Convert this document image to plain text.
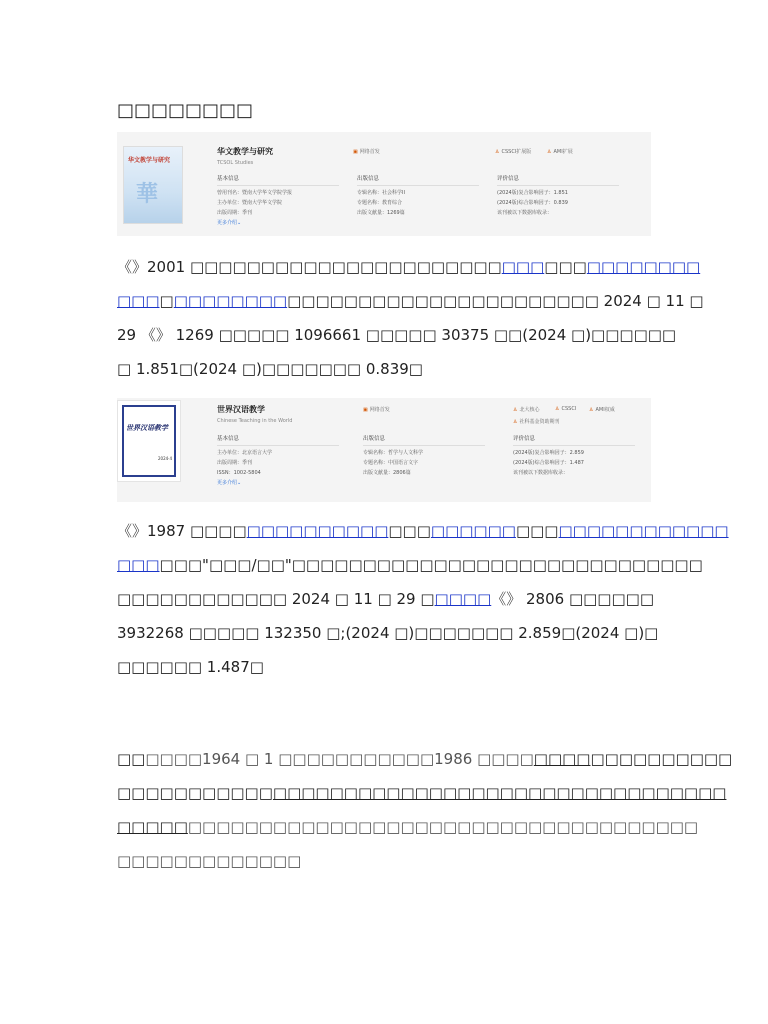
□□□□□□□□
华文教学与研究
華
华文教学与研究
TCSOL Studies
▣ 网络首发	♙ CSSCI扩展版	♙ AMI扩展
基本信息
曾用刊名：暨南大学华文学院学报
主办单位：暨南大学华文学院
出版周期：季刊
更多介绍⌄
出版信息
专辑名称：社会科学II
专题名称：教育综合
出版文献量：1269篇
评价信息
(2024版)复合影响因子：1.851
(2024版)综合影响因子：0.839
该刊被以下数据库收录：
《》2001 □□□□□□□□□□□□□□□□□□□□□□□□□□□□□□□□□□□□
□□□□□□□□□□□□□□□□□□□□□□□□□□□□□□□□□□ 2024 □ 11 □
29 《》 1269 □□□□□ 1096661 □□□□□ 30375 □□(2024 □)□□□□□□
□ 1.851□(2024 □)□□□□□□□ 0.839□
世界汉语教学
2024·4
世界汉语教学
Chinese Teaching in the World
▣ 网络首发	♙ 北大核心	♙ CSSCI	♙ AMI权威
♙ 社科基金资助期刊
基本信息
主办单位：北京语言大学
出版周期：季刊
ISSN：1002-5804
更多介绍⌄
出版信息
专辑名称：哲学与人文科学
专题名称：中国语言文字
出版文献量：2806篇
评价信息
(2024版)复合影响因子：2.859
(2024版)综合影响因子：1.487
该刊被以下数据库收录：
《》1987 □□□□□□□□□□□□□□□□□□□□□□□□□□□□□□□□□□□□□□
□□□□□□"□□□/□□"□□□□□□□□□□□□□□□□□□□□□□□□□□□□□
□□□□□□□□□□□□ 2024 □ 11 □ 29 □□□□□《》 2806 □□□□□□
3932268 □□□□□ 132350 □;(2024 □)□□□□□□□ 2.859□(2024 □)□
□□□□□□ 1.487□
□□□□□□1964 □ 1 □□□□□□□□□□□1986 □□□□□□□□□□□□□□□□□□
□□□□□□□□□□□□□□□□□□□□□□□□□□□□□□□□□□□□□□□□□□□
□□□□□□□□□□□□□□□□□□□□□□□□□□□□□□□□□□□□□□□□□
□□□□□□□□□□□□□
